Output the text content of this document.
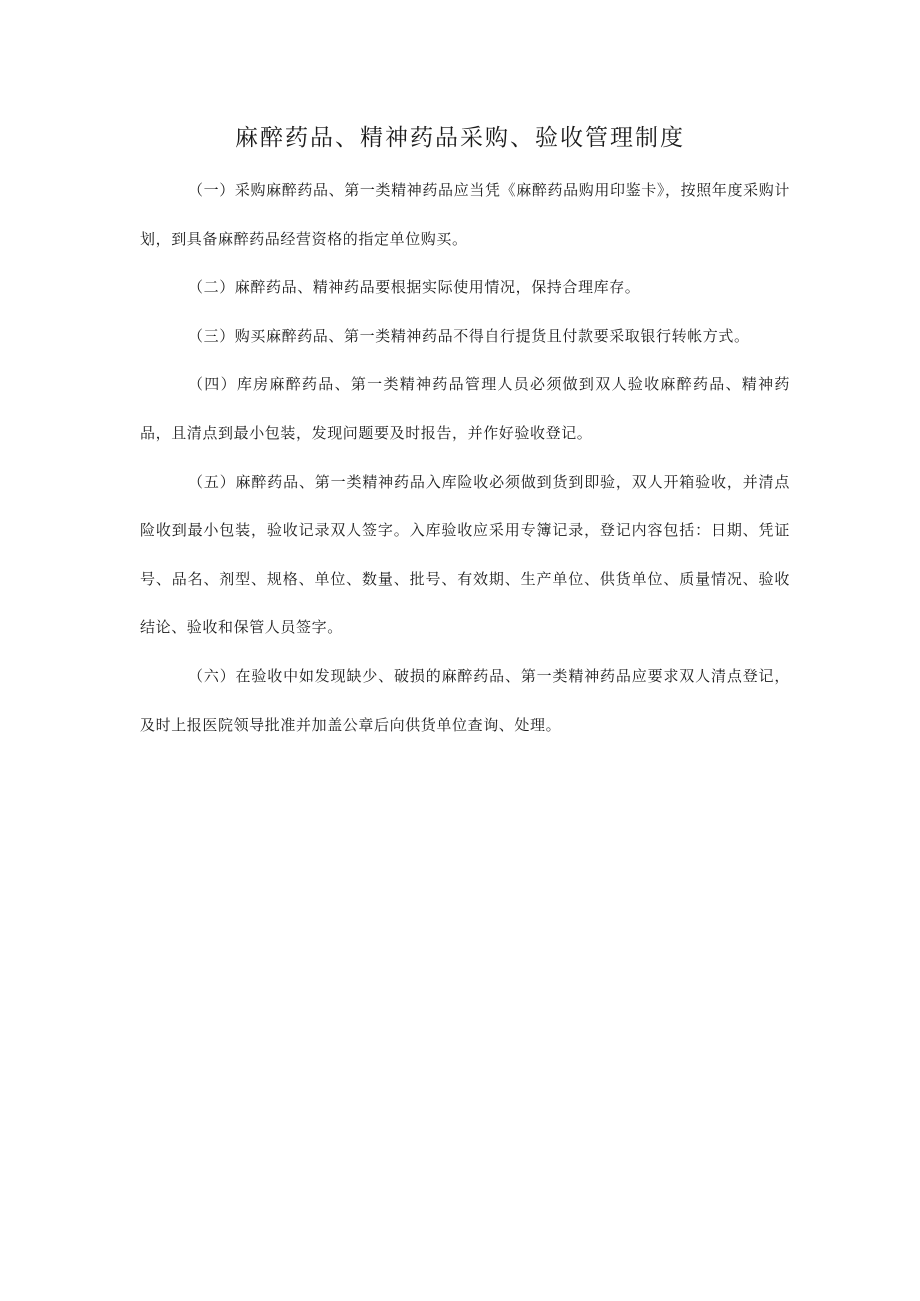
麻醉药品、精神药品采购、验收管理制度

（一）采购麻醉药品、第一类精神药品应当凭《麻醉药品购用印鉴卡》，按照年度采购计划，到具备麻醉药品经营资格的指定单位购买。

（二）麻醉药品、精神药品要根据实际使用情况，保持合理库存。

（三）购买麻醉药品、第一类精神药品不得自行提货且付款要采取银行转帐方式。

（四）库房麻醉药品、第一类精神药品管理人员必须做到双人验收麻醉药品、精神药品，且清点到最小包装，发现问题要及时报告，并作好验收登记。

（五）麻醉药品、第一类精神药品入库险收必须做到货到即验，双人开箱验收，并清点险收到最小包装，验收记录双人签字。入库验收应采用专簿记录，登记内容包括：日期、凭证号、品名、剂型、规格、单位、数量、批号、有效期、生产单位、供货单位、质量情况、验收结论、验收和保管人员签字。

（六）在验收中如发现缺少、破损的麻醉药品、第一类精神药品应要求双人清点登记，及时上报医院领导批准并加盖公章后向供货单位查询、处理。
